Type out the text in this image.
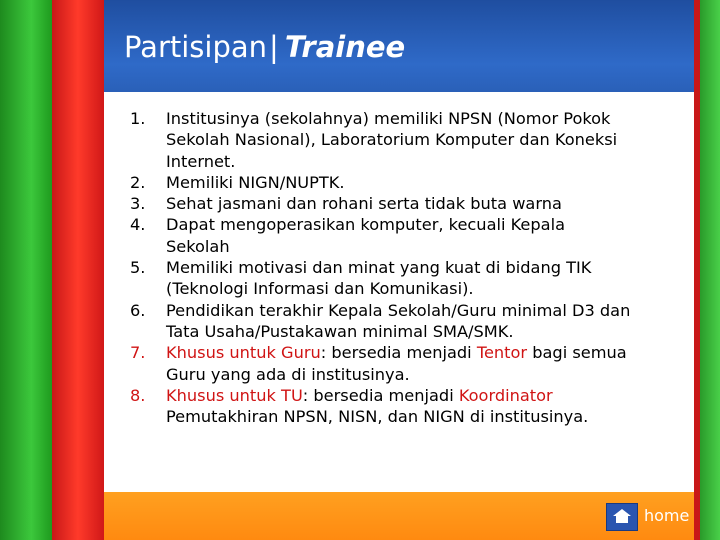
Partisipan| Trainee
1. Institusinya (sekolahnya) memiliki NPSN (Nomor Pokok
Sekolah Nasional), Laboratorium Komputer dan Koneksi
Internet.
2. Memiliki NIGN/NUPTK.
3. Sehat jasmani dan rohani serta tidak buta warna
4. Dapat mengoperasikan komputer, kecuali Kepala
Sekolah
5. Memiliki motivasi dan minat yang kuat di bidang TIK
(Teknologi Informasi dan Komunikasi).
6. Pendidikan terakhir Kepala Sekolah/Guru minimal D3 dan
Tata Usaha/Pustakawan minimal SMA/SMK.
7. Khusus untuk Guru: bersedia menjadi Tentor bagi semua
Guru yang ada di institusinya.
8. Khusus untuk TU: bersedia menjadi Koordinator
Pemutakhiran NPSN, NISN, dan NIGN di institusinya.
home
